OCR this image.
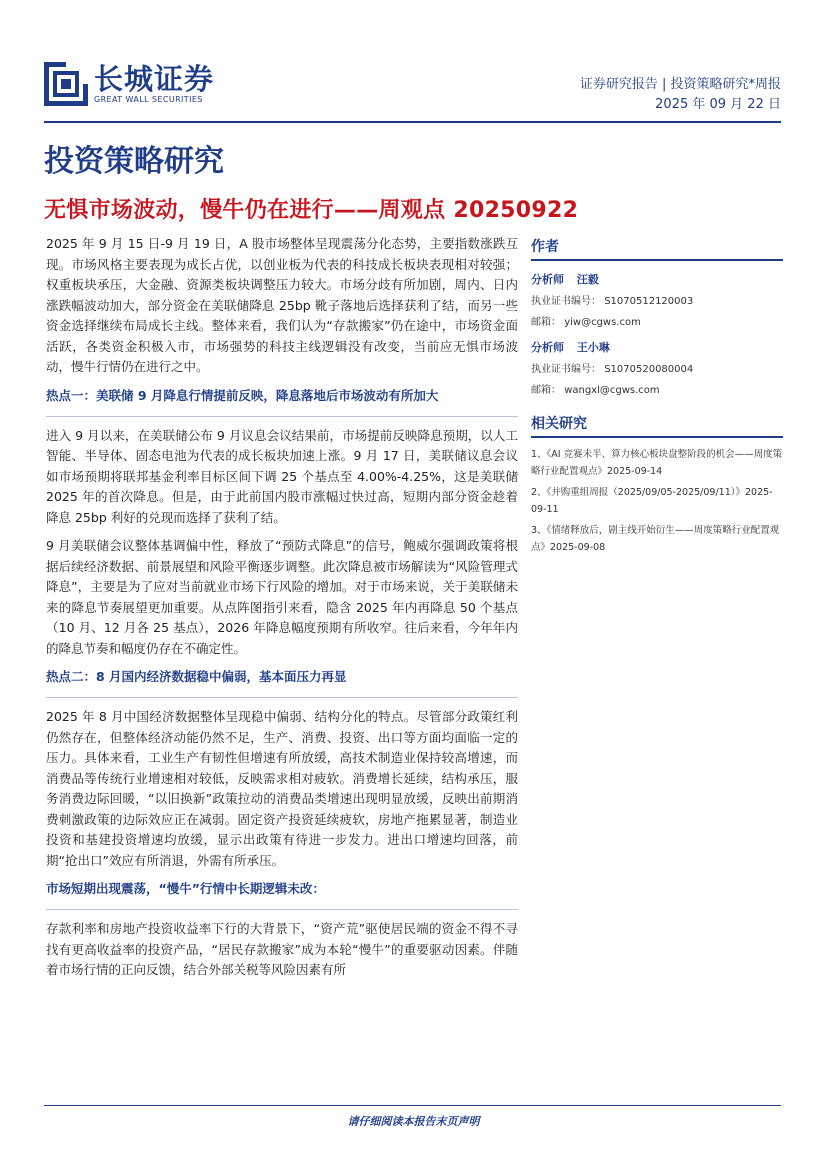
长城证券
GREAT WALL SECURITIES
证券研究报告 | 投资策略研究*周报
2025 年 09 月 22 日
投资策略研究
无惧市场波动，慢牛仍在进行——周观点 20250922

2025 年 9 月 15 日-9 月 19 日，A 股市场整体呈现震荡分化态势，主要指数涨跌互现。市场风格主要表现为成长占优，以创业板为代表的科技成长板块表现相对较强；权重板块承压，大金融、资源类板块调整压力较大。市场分歧有所加剧，周内、日内涨跌幅波动加大，部分资金在美联储降息 25bp 靴子落地后选择获利了结，而另一些资金选择继续布局成长主线。整体来看，我们认为“存款搬家”仍在途中，市场资金面活跃，各类资金积极入市，市场强势的科技主线逻辑没有改变，当前应无惧市场波动，慢牛行情仍在进行之中。

热点一：美联储 9 月降息行情提前反映，降息落地后市场波动有所加大

进入 9 月以来，在美联储公布 9 月议息会议结果前，市场提前反映降息预期，以人工智能、半导体、固态电池为代表的成长板块加速上涨。9 月 17 日，美联储议息会议如市场预期将联邦基金利率目标区间下调 25 个基点至 4.00%-4.25%，这是美联储 2025 年的首次降息。但是，由于此前国内股市涨幅过快过高，短期内部分资金趁着降息 25bp 利好的兑现而选择了获利了结。

9 月美联储会议整体基调偏中性，释放了“预防式降息”的信号，鲍威尔强调政策将根据后续经济数据、前景展望和风险平衡逐步调整。此次降息被市场解读为“风险管理式降息”，主要是为了应对当前就业市场下行风险的增加。对于市场来说，关于美联储未来的降息节奏展望更加重要。从点阵图指引来看，隐含 2025 年内再降息 50 个基点（10 月、12 月各 25 基点），2026 年降息幅度预期有所收窄。往后来看，今年年内的降息节奏和幅度仍存在不确定性。

热点二：8 月国内经济数据稳中偏弱，基本面压力再显

2025 年 8 月中国经济数据整体呈现稳中偏弱、结构分化的特点。尽管部分政策红利仍然存在，但整体经济动能仍然不足，生产、消费、投资、出口等方面均面临一定的压力。具体来看，工业生产有韧性但增速有所放缓，高技术制造业保持较高增速，而消费品等传统行业增速相对较低，反映需求相对疲软。消费增长延续，结构承压，服务消费边际回暖，“以旧换新”政策拉动的消费品类增速出现明显放缓，反映出前期消费刺激政策的边际效应正在减弱。固定资产投资延续疲软，房地产拖累显著，制造业投资和基建投资增速均放缓，显示出政策有待进一步发力。进出口增速均回落，前期“抢出口”效应有所消退，外需有所承压。

市场短期出现震荡，“慢牛”行情中长期逻辑未改：

存款利率和房地产投资收益率下行的大背景下，“资产荒”驱使居民端的资金不得不寻找有更高收益率的投资产品，“居民存款搬家”成为本轮“慢牛”的重要驱动因素。伴随着市场行情的正向反馈，结合外部关税等风险因素有所

作者
分析师 汪毅
执业证书编号： S1070512120003
邮箱： yiw@cgws.com
分析师 王小琳
执业证书编号： S1070520080004
邮箱： wangxl@cgws.com
相关研究
1、《AI 竞赛未半、算力核心板块盘整阶段的机会——周度策略行业配置观点》2025-09-14
2、《并购重组周报（2025/09/05-2025/09/11）》2025-09-11
3、《情绪释放后，剧主线开始衍生——周度策略行业配置观点》2025-09-08
请仔细阅读本报告末页声明
